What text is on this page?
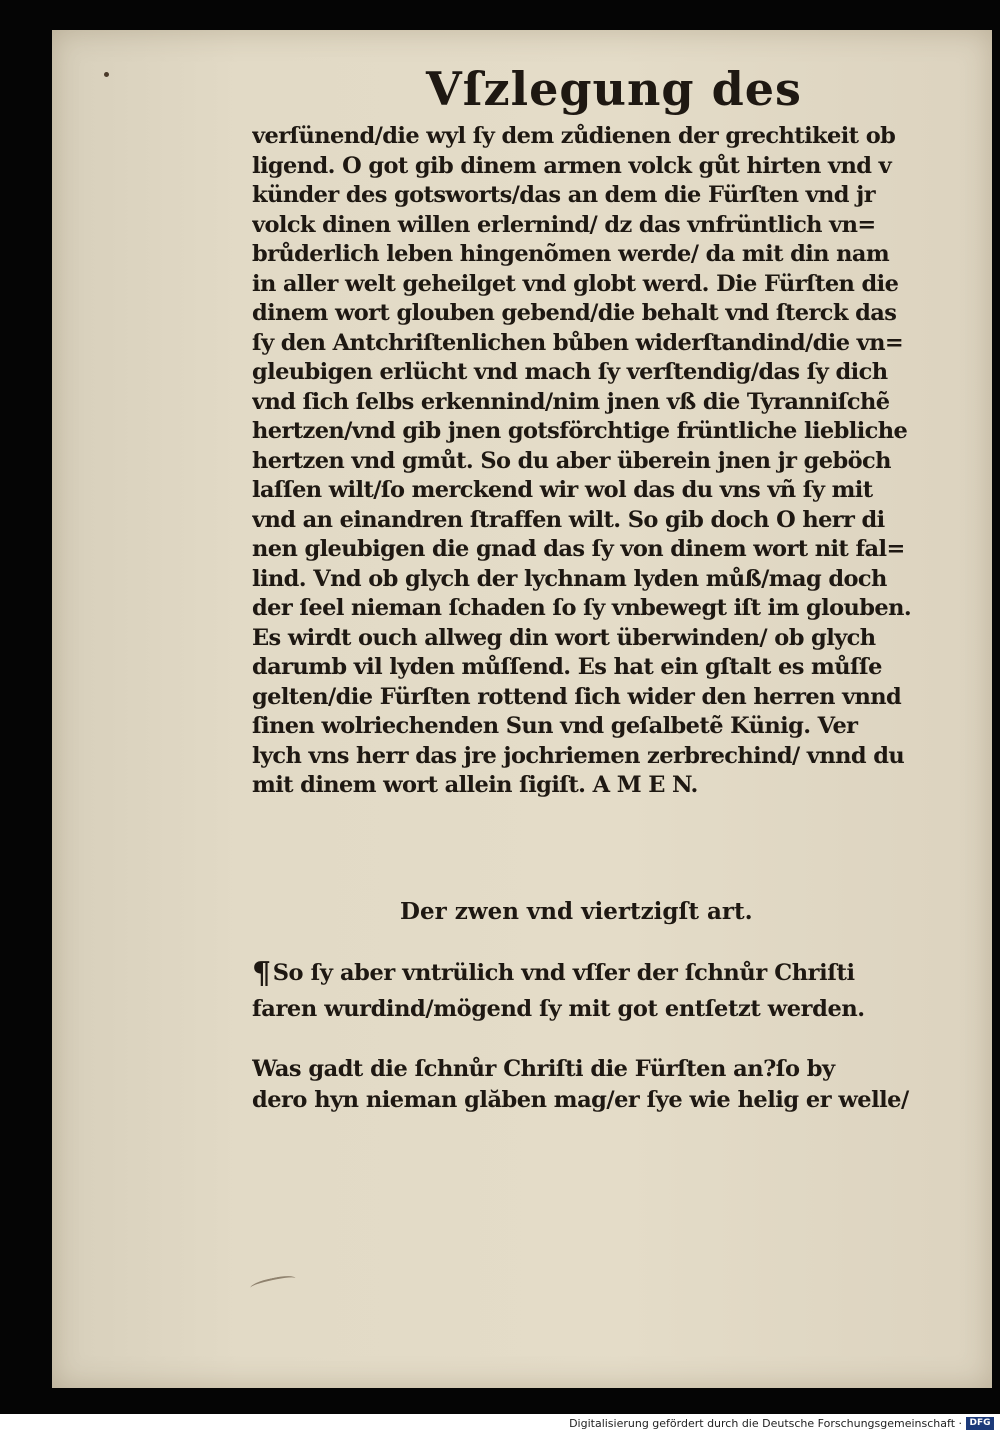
Vſzlegung des
verſünend/die wyl ſy dem zůdienen der grechtikeit ob
ligend. O got gib dinem armen volck gůt hirten vnd v
künder des gotswortѕ/das an dem die Fürſten vnd jr
volck dinen willen erlernind/ dz das vnfrüntlich vn=
brůderlich leben hingenõmen werde/ da mit din nam
in aller welt geheilget vnd globt werd. Die Fürſten die
dinem wort glouben gebend/die behalt vnd ſterck das
ſy den Antchriſtenlichen bůben widerſtandind/die vn=
gleubigen erlücht vnd mach ſy verſtendig/das ſy dich
vnd ſich ſelbs erkennind/nim jnen vß die Tyranniſchẽ
hertzen/vnd gib jnen gotsförchtige früntliche liebliche
hertzen vnd gmůt. So du aber überein jnen jr geböch
laſſen wilt/ſo merckend wir wol das du vns vñ ſy mit
vnd an einandren ſtraffen wilt. So gib doch O herr di
nen gleubigen die gnad das ſy von dinem wort nit fal=
lind. Vnd ob glych der lychnam lyden můß/mag doch
der ſeel nieman ſchaden ſo ſy vnbewegt iſt im glouben.
Es wirdt ouch allweg din wort überwinden/ ob glych
darumb vil lyden můſſend. Es hat ein gſtalt es můſſe
gelten/die Fürſten rottend ſich wider den herren vnnd
ſinen wolriechenden Sun vnd geſalbetẽ Künig. Ver
lych vns herr das jre jochriemen zerbrechind/ vnnd du
mit dinem wort allein ſigiſt. A M E N.
Der zwen vnd viertzigſt art.
¶So ſy aber vntrülich vnd vſſer der ſchnůr Chriſti
faren wurdind/mögend ſy mit got entſetzt werden.
Was gadt die ſchnůr Chriſti die Fürſten an?ſo by
dero hyn nieman glăben mag/er ſye wie helig er welle/
Digitalisierung gefördert durch die Deutsche Forschungsgemeinschaft · DFG
